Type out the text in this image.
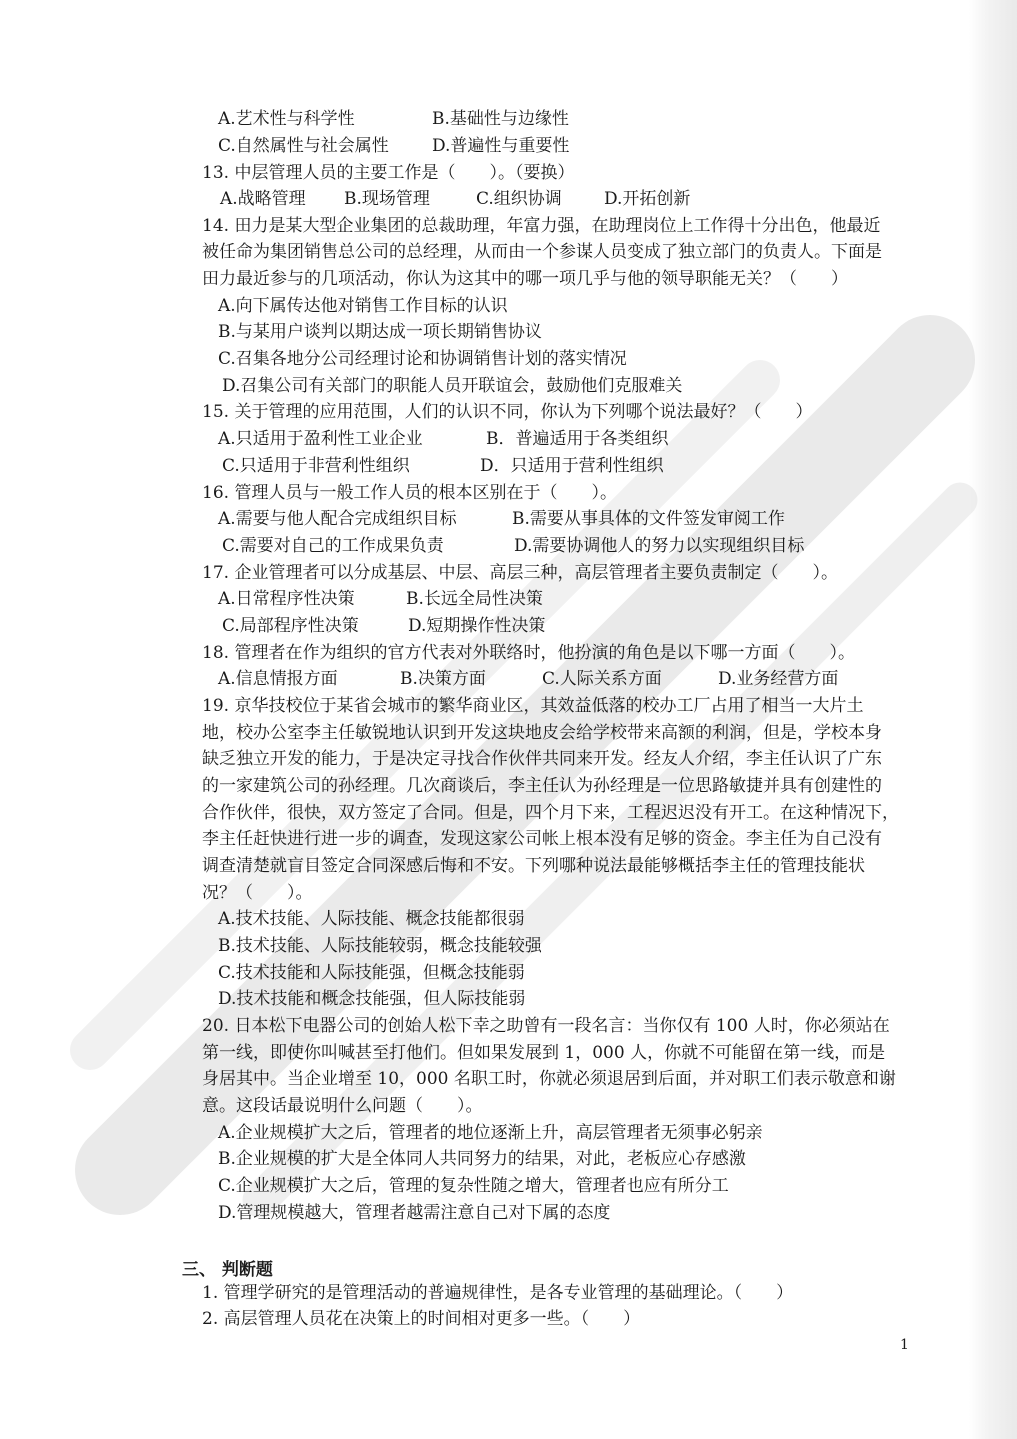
A.艺术性与科学性	B.基础性与边缘性
C.自然属性与社会属性	D.普遍性与重要性
13. 中层管理人员的主要工作是（　　）。（要换）
A.战略管理 B.现场管理	C.组织协调 D.开拓创新
14. 田力是某大型企业集团的总裁助理，年富力强，在助理岗位上工作得十分出色，他最近
被任命为集团销售总公司的总经理，从而由一个参谋人员变成了独立部门的负责人。下面是
田力最近参与的几项活动，你认为这其中的哪一项几乎与他的领导职能无关？（　　）
A.向下属传达他对销售工作目标的认识
B.与某用户谈判以期达成一项长期销售协议
C.召集各地分公司经理讨论和协调销售计划的落实情况
D.召集公司有关部门的职能人员开联谊会，鼓励他们克服难关
15. 关于管理的应用范围，人们的认识不同，你认为下列哪个说法最好？（　　）
A.只适用于盈利性工业企业	B．普遍适用于各类组织
C.只适用于非营利性组织	D．只适用于营利性组织
16. 管理人员与一般工作人员的根本区别在于（　　）。
A.需要与他人配合完成组织目标	B.需要从事具体的文件签发审阅工作
C.需要对自己的工作成果负责	D.需要协调他人的努力以实现组织目标
17. 企业管理者可以分成基层、中层、高层三种，高层管理者主要负责制定（　　）。
A.日常程序性决策	B.长远全局性决策
C.局部程序性决策	D.短期操作性决策
18. 管理者在作为组织的官方代表对外联络时，他扮演的角色是以下哪一方面（　　）。
A.信息情报方面	B.决策方面	C.人际关系方面	D.业务经营方面
19. 京华技校位于某省会城市的繁华商业区，其效益低落的校办工厂占用了相当一大片土
地，校办公室李主任敏锐地认识到开发这块地皮会给学校带来高额的利润，但是，学校本身
缺乏独立开发的能力，于是决定寻找合作伙伴共同来开发。经友人介绍，李主任认识了广东
的一家建筑公司的孙经理。几次商谈后，李主任认为孙经理是一位思路敏捷并具有创建性的
合作伙伴，很快，双方签定了合同。但是，四个月下来，工程迟迟没有开工。在这种情况下，
李主任赶快进行进一步的调查，发现这家公司帐上根本没有足够的资金。李主任为自己没有
调查清楚就盲目签定合同深感后悔和不安。下列哪种说法最能够概括李主任的管理技能状
况？（　　）。
A.技术技能、人际技能、概念技能都很弱
B.技术技能、人际技能较弱，概念技能较强
C.技术技能和人际技能强，但概念技能弱
D.技术技能和概念技能强，但人际技能弱
20. 日本松下电器公司的创始人松下幸之助曾有一段名言：当你仅有 100 人时，你必须站在
第一线，即使你叫喊甚至打他们。但如果发展到 1，000 人，你就不可能留在第一线，而是
身居其中。当企业增至 10，000 名职工时，你就必须退居到后面，并对职工们表示敬意和谢
意。这段话最说明什么问题（　　）。
A.企业规模扩大之后，管理者的地位逐渐上升，高层管理者无须事必躬亲
B.企业规模的扩大是全体同人共同努力的结果，对此，老板应心存感激
C.企业规模扩大之后，管理的复杂性随之增大，管理者也应有所分工
D.管理规模越大，管理者越需注意自己对下属的态度
三、 判断题
1. 管理学研究的是管理活动的普遍规律性，是各专业管理的基础理论。（　　）
2. 高层管理人员花在决策上的时间相对更多一些。（　　）
1
